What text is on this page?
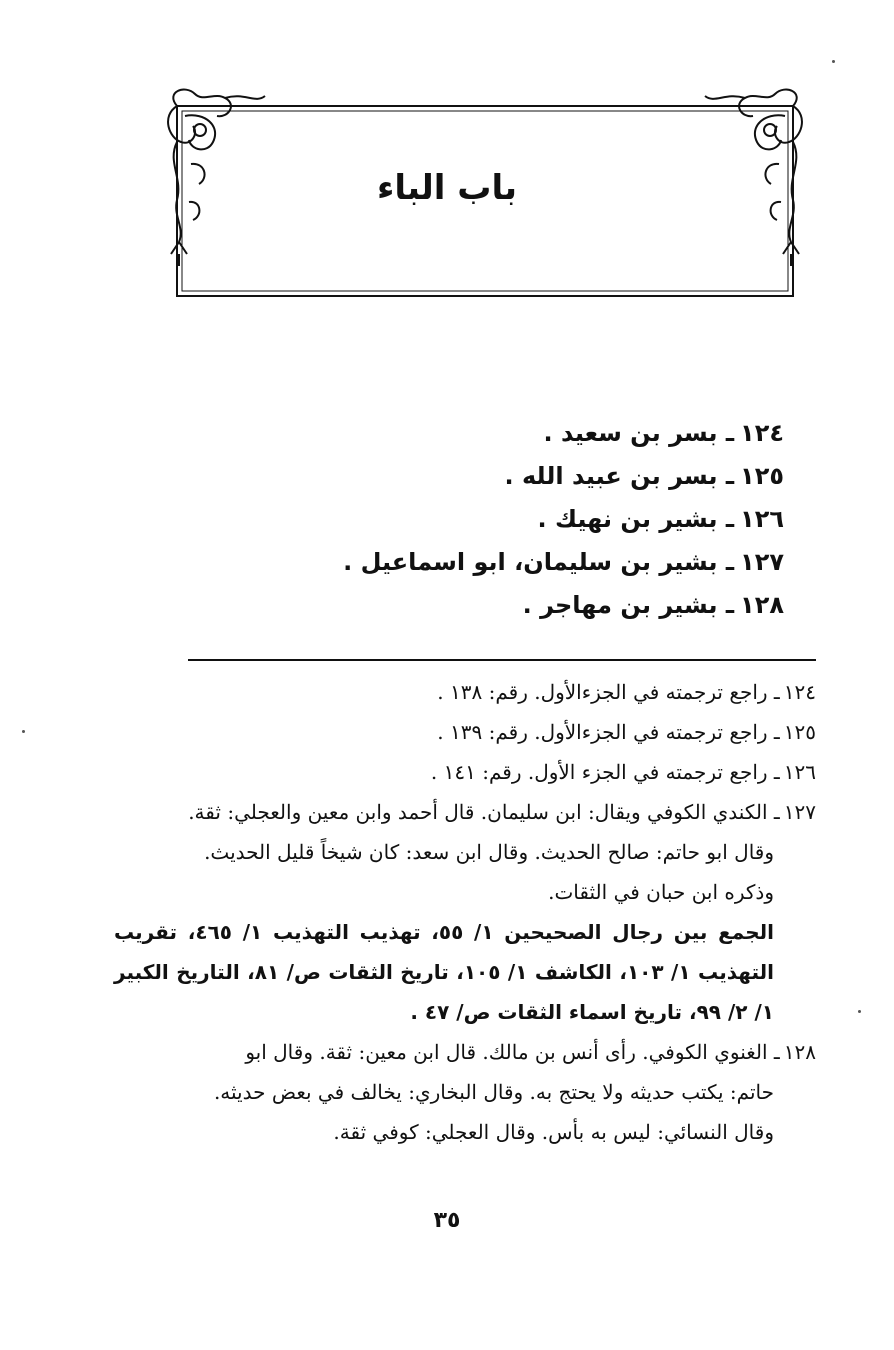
باب الباء
١٢٤ـ بسر بن سعيد .
١٢٥ـ بسر بن عبيد الله .
١٢٦ـ بشير بن نهيك .
١٢٧ـ بشير بن سليمان، ابو اسماعيل .
١٢٨ـ بشير بن مهاجر .

١٢٤ـ راجع ترجمته في الجزءالأول. رقم: ١٣٨ .

١٢٥ـ راجع ترجمته في الجزءالأول. رقم: ١٣٩ .

١٢٦ـ راجع ترجمته في الجزء الأول. رقم: ١٤١ .

١٢٧ـ الكندي الكوفي ويقال: ابن سليمان. قال أحمد وابن معين والعجلي: ثقة.

وقال ابو حاتم: صالح الحديث. وقال ابن سعد: كان شيخاً قليل الحديث.

وذكره ابن حبان في الثقات.

الجمع بين رجال الصحيحين ١/ ٥٥، تهذيب التهذيب ١/ ٤٦٥، تقريب التهذيب ١/ ١٠٣، الكاشف ١/ ١٠٥، تاريخ الثقات ص/ ٨١، التاريخ الكبير ١/ ٢/ ٩٩، تاريخ اسماء الثقات ص/ ٤٧ .

١٢٨ـ الغنوي الكوفي. رأى أنس بن مالك. قال ابن معين: ثقة. وقال ابو

حاتم: يكتب حديثه ولا يحتج به. وقال البخاري: يخالف في بعض حديثه.

وقال النسائي: ليس به بأس. وقال العجلي: كوفي ثقة.

٣٥
